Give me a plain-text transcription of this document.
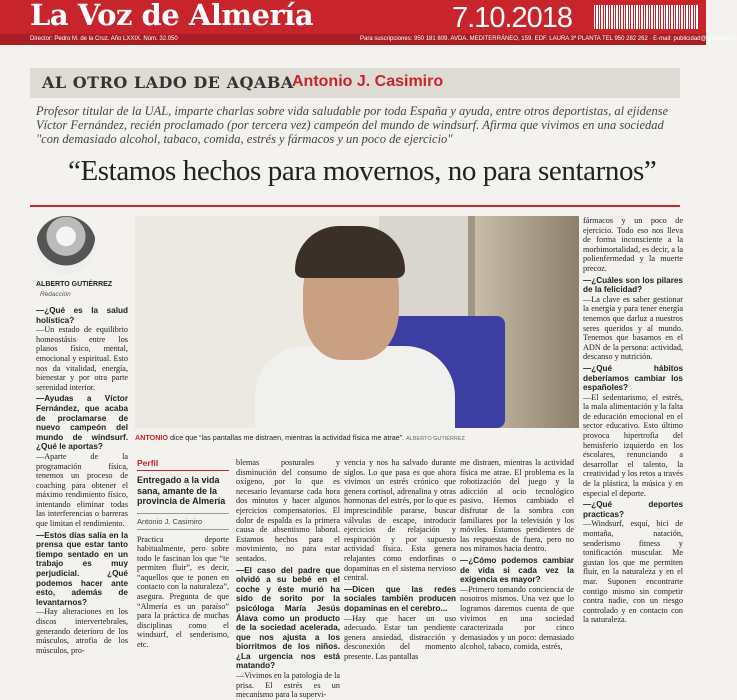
La Voz de Almería	7.10.2018
Director: Pedro M. de la Cruz. Año LXXIX. Núm. 32.050	Para suscripciones: 950 181 809. AVDA. MEDITERRÁNEO, 159. EDF. LAURA 3ª PLANTA TEL 950 282 262 · E-mail: publicidad@grupo3d.es
AL OTRO LADO DE AQABA
Antonio J. Casimiro
Profesor titular de la UAL, imparte charlas sobre vida saludable por toda España y ayuda, entre otros deportistas, al ejidense Víctor Fernández, recién proclamado (por tercera vez) campeón del mundo de windsurf. Afirma que vivimos en una sociedad "con demasiado alcohol, tabaco, comida, estrés y fármacos y un poco de ejercicio"
“Estamos hechos para movernos, no para sentarnos”
ALBERTO GUTIÉRREZ
Redacción

—¿Qué es la salud holística?
—Un estado de equilibrio homeostásis entre los planos físico, mental, emocional y espiritual. Esto nos da vitalidad, energía, bienestar y por otra parte serenidad interior.

—Ayudas a Víctor Fernández, que acaba de proclamarse de nuevo campeón del mundo de windsurf. ¿Qué le aportas?
—Aparte de la programación física, tenemos un proceso de coaching para obtener el máximo rendimiento físico, intentando eliminar todas las interferencias o barreras que limitan el rendimiento.

—Estos días salía en la prensa que estar tanto tiempo sentado en un trabajo es muy perjudicial. ¿Qué podemos hacer ante esto, además de levantarnos?
—Hay alteraciones en los discos intervertebrales, generando deterioro de los músculos, atrofia de los músculos, pro-

ANTONIO dice que “las pantallas me distraen, mientras la actividad física me atrae”. ALBERTO GUTIÉRREZ
Perfil
Entregado a la vida sana, amante de la provincia de Almería
Antonio J. Casimiro
Practica deporte habitualmente, pero sobre todo le fascinan los que “te permiten fluir”, es decir, “aquellos que te ponen en contacto con la naturaleza”, asegura. Pregunta de que “Almería es un paraíso” para la práctica de muchas disciplinas como el windsurf, el senderismo, etc.

blemas posturales y disminución del consumo de oxígeno, por lo que es necesario levantarse cada hora dos minutos y hacer algunos ejercicios compensatorios. El dolor de espalda es la primera causa de absentismo laboral. Estamos hechos para el movimiento, no para estar sentados.

—El caso del padre que olvidó a su bebé en el coche y éste murió ha sido de sorito por la psicóloga María Jesús Álava como un producto de la sociedad acelerada, que nos ajusta a los biorritmos de los niños. ¿La urgencia nos está matando?
—Vivimos en la patología de la prisa. El estrés es un mecanismo para la supervi-

vencia y nos ha salvado durante siglos. Lo que pasa es que ahora vivimos un estrés crónico que genera cortisol, adrenalina y otras hormonas del estrés, por lo que es imprescindible pararse, buscar válvulas de escape, introducir ejercicios de relajación y respiración y por supuesto actividad física. Esta genera relajantes como endorfinas o dopaminas en el sistema nervioso central.

—Dicen que las redes sociales también producen dopaminas en el cerebro...
—Hay que hacer un uso adecuado. Estar tan pendiente genera ansiedad, distracción y desconexión del momento presente. Las pantallas

me distraen, mientras la actividad física me atrae. El problema es la robotización del juego y la adicción al ocio tecnológico pasivo. Hemos cambiado el disfrutar de la sombra con familiares por la televisión y los móviles. Estamos pendientes de las respuestas de fuera, pero no nos miramos hacia dentro.

—¿Cómo podemos cambiar de vida si cada vez la exigencia es mayor?
—Primero tomando conciencia de nosotros mismos. Una vez que lo logramos daremos cuenta de que vivimos en una sociedad caracterizada por cinco demasiados y un poco: demasiado alcohol, tabaco, comida, estrés,

fármacos y un poco de ejercicio. Todo eso nos lleva de forma inconsciente a la morbimortalidad, es decir, a la polienfermedad y la muerte precoz.

—¿Cuáles son los pilares de la felicidad?
—La clave es saber gestionar la energía y para tener energía tenemos que darluz a nuestros seres queridos y al mundo. Tenemos que basarnos en el ADN de la persona: actividad, descanso y nutrición.

—¿Qué hábitos deberíamos cambiar los españoles?
—El sedentarismo, el estrés, la mala alimentación y la falta de educación emocional en el sector educativo. Esto último provoca hipertrofia del hemisferio izquierdo en los escolares, renunciando a desarrollar el talento, la creatividad y los retos a través de la plástica, la música y en especial el deporte.

—¿Qué deportes practicas?
—Windsurf, esquí, bici de montaña, natación, senderismo fitness y tonificación muscular. Me gustan los que me permiten fluir, en la naturaleza y en el mar. Suponen encontrarte contigo mismo sin competir contra nadie, con un riesgo controlado y en contacto con la naturaleza.
